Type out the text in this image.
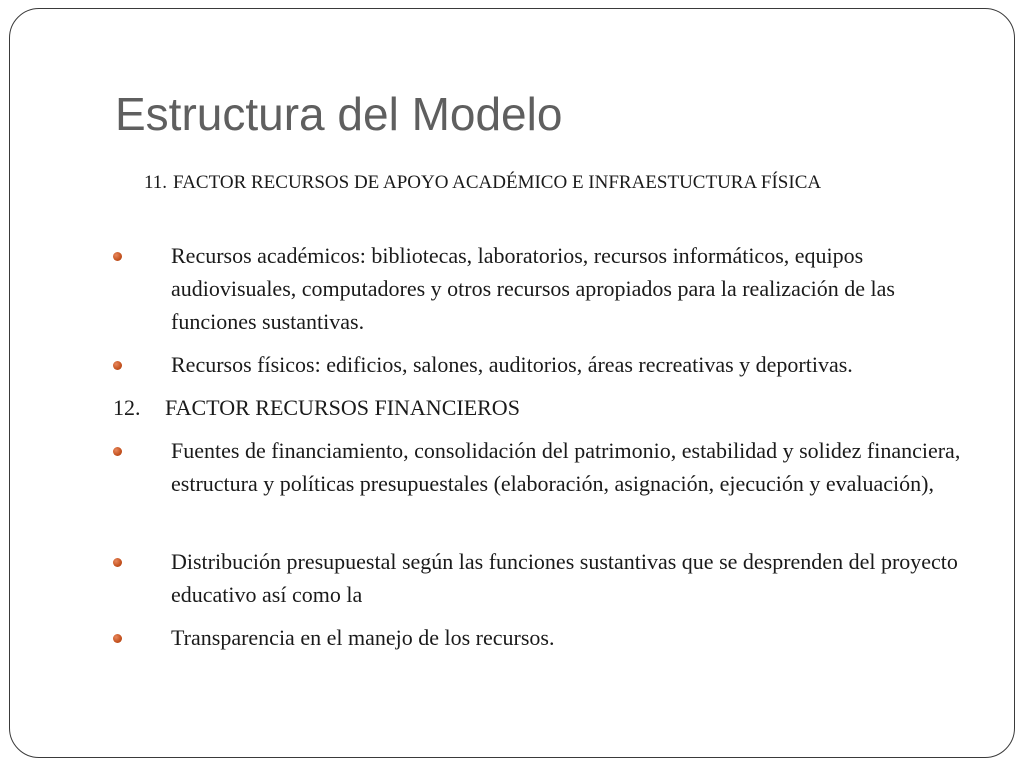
Estructura del Modelo

11. FACTOR RECURSOS DE APOYO ACADÉMICO E INFRAESTUCTURA FÍSICA

Recursos académicos: bibliotecas, laboratorios, recursos informáticos, equipos audiovisuales, computadores y otros recursos apropiados para la realización de las funciones sustantivas.

Recursos físicos: edificios, salones, auditorios, áreas recreativas y deportivas.

12. FACTOR RECURSOS FINANCIEROS

Fuentes de financiamiento, consolidación del patrimonio, estabilidad y solidez financiera, estructura y políticas presupuestales (elaboración, asignación, ejecución y evaluación),

Distribución presupuestal según las funciones sustantivas que se desprenden del proyecto educativo así como la

Transparencia en el manejo de los recursos.
